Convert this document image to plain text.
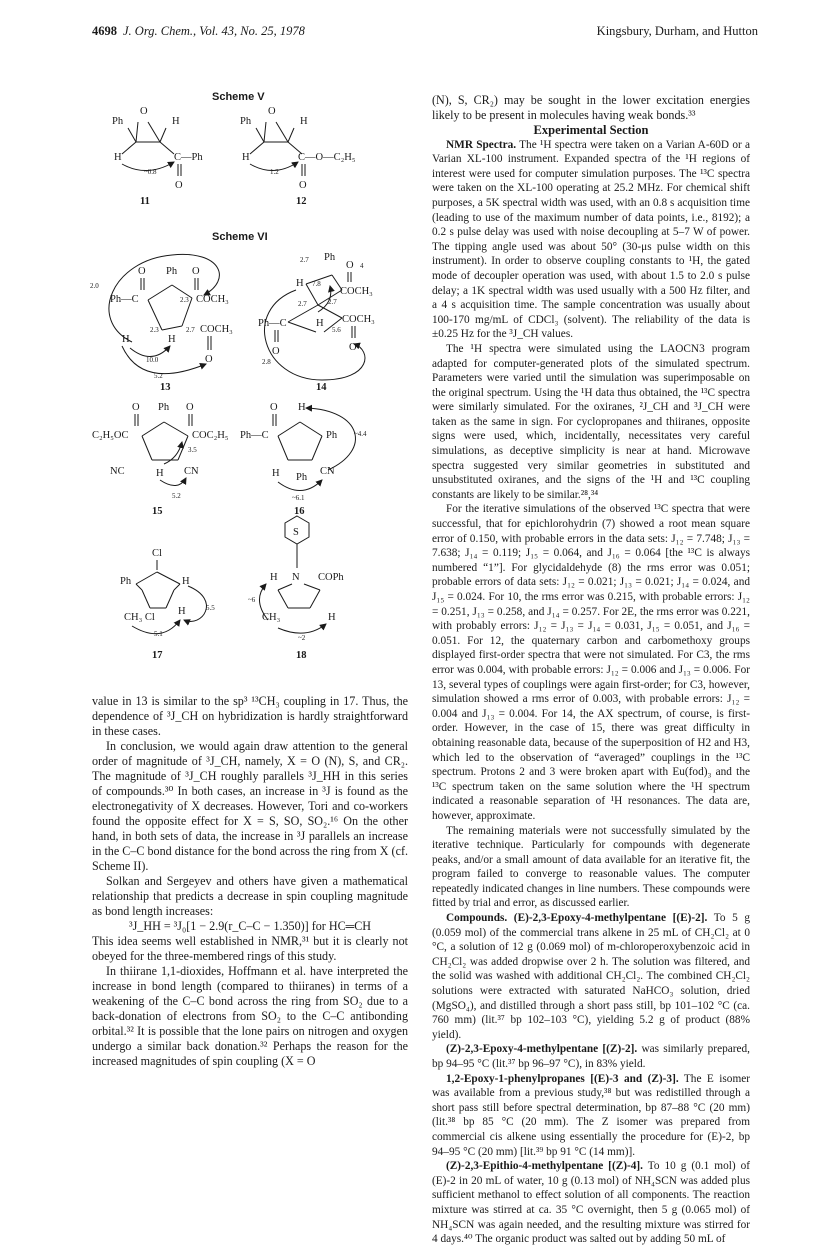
4698 J. Org. Chem., Vol. 43, No. 25, 1978	Kingsbury, Durham, and Hutton
Scheme V
Scheme VI
Ph
O
H
H	C—Ph
O
~0.8
11
Ph
O
H
H	C—O—C₂H₅
O
1.2
12
O Ph O
Ph—C
COCH₃
COCH₃
H	H
O
2.0
2.3
10.0
2.3	2.7
5.2
13
Ph
O
H
COCH₃
Ph—C	H COCH₃
O	O
2.7
7.8
2.7
2.7
5.6
4
2.8
14
O Ph O
C₂H₅OC	COC₂H₅
NC	H CN
3.5
5.2
15
O H
Ph—C	Ph
H Ph
CN
~4.4
~6.1
16
Cl
Ph	H
CH₃ Cl
H	5.5
5.1
17
S
N
H	COPh
CH₃	H
~6
~2
18

value in 13 is similar to the sp³ ¹³CH₃ coupling in 17. Thus, the dependence of ³J_CH on hybridization is hardly straightforward in these cases.

In conclusion, we would again draw attention to the general order of magnitude of ³J_CH, namely, X = O (N), S, and CR₂. The magnitude of ³J_CH roughly parallels ³J_HH in this series of compounds.³⁰ In both cases, an increase in ³J is found as the electronegativity of X decreases. However, Tori and co-workers found the opposite effect for X = S, SO, SO₂.¹⁶ On the other hand, in both sets of data, the increase in ³J parallels an increase in the C–C bond distance for the bond across the ring from X (cf. Scheme II).

Solkan and Sergeyev and others have given a mathematical relationship that predicts a decrease in spin coupling magnitude as bond length increases:

³J_HH = ³J₀[1 − 2.9(r_C–C − 1.350)] for HC═CH

This idea seems well established in NMR,³¹ but it is clearly not obeyed for the three-membered rings of this study.

In thiirane 1,1-dioxides, Hoffmann et al. have interpreted the increase in bond length (compared to thiiranes) in terms of a weakening of the C–C bond across the ring from SO₂ due to a back-donation of electrons from SO₂ to the C–C antibonding orbital.³² It is possible that the lone pairs on nitrogen and oxygen undergo a similar back donation.³² Perhaps the reason for the increased magnitudes of spin coupling (X = O

(N), S, CR₂) may be sought in the lower excitation energies likely to be present in molecules having weak bonds.³³

Experimental Section

NMR Spectra. The ¹H spectra were taken on a Varian A-60D or a Varian XL-100 instrument. Expanded spectra of the ¹H regions of interest were used for computer simulation purposes. The ¹³C spectra were taken on the XL-100 operating at 25.2 MHz. For chemical shift purposes, a 5K spectral width was used, with an 0.8 s acquisition time (leading to use of the maximum number of data points, i.e., 8192); a 0.2 s pulse delay was used with noise decoupling at 5–7 W of power. The tipping angle used was about 50° (30-μs pulse width on this instrument). In order to observe coupling constants to ¹H, the gated mode of decoupler operation was used, with about 1.5 to 2.0 s pulse delay; a 1K spectral width was used usually with a 500 Hz filter, and a 4 s acquisition time. The sample concentration was usually about 100-170 mg/mL of CDCl₃ (solvent). The reliability of the data is ±0.25 Hz for the ³J_CH values.

The ¹H spectra were simulated using the LAOCN3 program adapted for computer-generated plots of the simulated spectrum. Parameters were varied until the simulation was superimposable on the original spectrum. Using the ¹H data thus obtained, the ¹³C spectra were similarly simulated. For the oxiranes, ²J_CH and ³J_CH were taken as the same in sign. For cyclopropanes and thiiranes, opposite signs were used, which, incidentally, necessitates very careful simulations, as deceptive simplicity is near at hand. Microwave spectra suggested very similar geometries in substituted and unsubstituted oxiranes, and the signs of the ¹H and ¹³C coupling constants are likely to be similar.²⁸,³⁴

For the iterative simulations of the observed ¹³C spectra that were successful, that for epichlorohydrin (7) showed a root mean square error of 0.150, with probable errors in the data sets: J₁₂ = 7.748; J₁₃ = 7.638; J₁₄ = 0.119; J₁₅ = 0.064, and J₁₆ = 0.064 [the ¹³C is always numbered “1”]. For glycidaldehyde (8) the rms error was 0.051; probable errors of data sets: J₁₂ = 0.021; J₁₃ = 0.021; J₁₄ = 0.024, and J₁₅ = 0.024. For 10, the rms error was 0.215, with probable errors: J₁₂ = 0.251, J₁₃ = 0.258, and J₁₄ = 0.257. For 2E, the rms error was 0.221, with probably errors: J₁₂ = J₁₃ = J₁₄ = 0.031, J₁₅ = 0.051, and J₁₆ = 0.051. For 12, the quaternary carbon and carbomethoxy groups displayed first-order spectra that were not simulated. For C3, the rms error was 0.004, with probable errors: J₁₂ = 0.006 and J₁₃ = 0.006. For 13, several types of couplings were again first-order; for C3, however, simulation showed a rms error of 0.003, with probable errors: J₁₂ = 0.004 and J₁₃ = 0.004. For 14, the AX spectrum, of course, is first-order. However, in the case of 15, there was great difficulty in obtaining reasonable data, because of the superposition of H2 and H3, which led to the observation of “averaged” couplings in the ¹³C spectrum. Protons 2 and 3 were broken apart with Eu(fod)₃ and the ¹³C spectrum taken on the same solution where the ¹H spectrum indicated a reasonable separation of ¹H resonances. The data are, however, approximate.

The remaining materials were not successfully simulated by the iterative technique. Particularly for compounds with degenerate peaks, and/or a small amount of data available for an iterative fit, the program failed to converge to reasonable values. The computer repeatedly indicated changes in line numbers. These compounds were fitted by trial and error, as discussed earlier.

Compounds. (E)-2,3-Epoxy-4-methylpentane [(E)-2]. To 5 g (0.059 mol) of the commercial trans alkene in 25 mL of CH₂Cl₂ at 0 °C, a solution of 12 g (0.069 mol) of m-chloroperoxybenzoic acid in CH₂Cl₂ was added dropwise over 2 h. The solution was filtered, and the solid was washed with additional CH₂Cl₂. The combined CH₂Cl₂ solutions were extracted with saturated NaHCO₃ solution, dried (MgSO₄), and distilled through a short pass still, bp 101–102 °C (ca. 760 mm) (lit.³⁷ bp 102–103 °C), yielding 5.2 g of product (88% yield).

(Z)-2,3-Epoxy-4-methylpentane [(Z)-2]. was similarly prepared, bp 94–95 °C (lit.³⁷ bp 96–97 °C), in 83% yield.

1,2-Epoxy-1-phenylpropanes [(E)-3 and (Z)-3]. The E isomer was available from a previous study,³⁸ but was redistilled through a short pass still before spectral determination, bp 87–88 °C (20 mm) (lit.³⁸ bp 85 °C (20 mm). The Z isomer was prepared from commercial cis alkene using essentially the procedure for (E)-2, bp 94–95 °C (20 mm) [lit.³⁹ bp 91 °C (14 mm)].

(Z)-2,3-Epithio-4-methylpentane [(Z)-4]. To 10 g (0.1 mol) of (E)-2 in 20 mL of water, 10 g (0.13 mol) of NH₄SCN was added plus sufficient methanol to effect solution of all components. The reaction mixture was stirred at ca. 35 °C overnight, then 5 g (0.065 mol) of NH₄SCN was again needed, and the resulting mixture was stirred for 4 days.⁴⁰ The organic product was salted out by adding 50 mL of
